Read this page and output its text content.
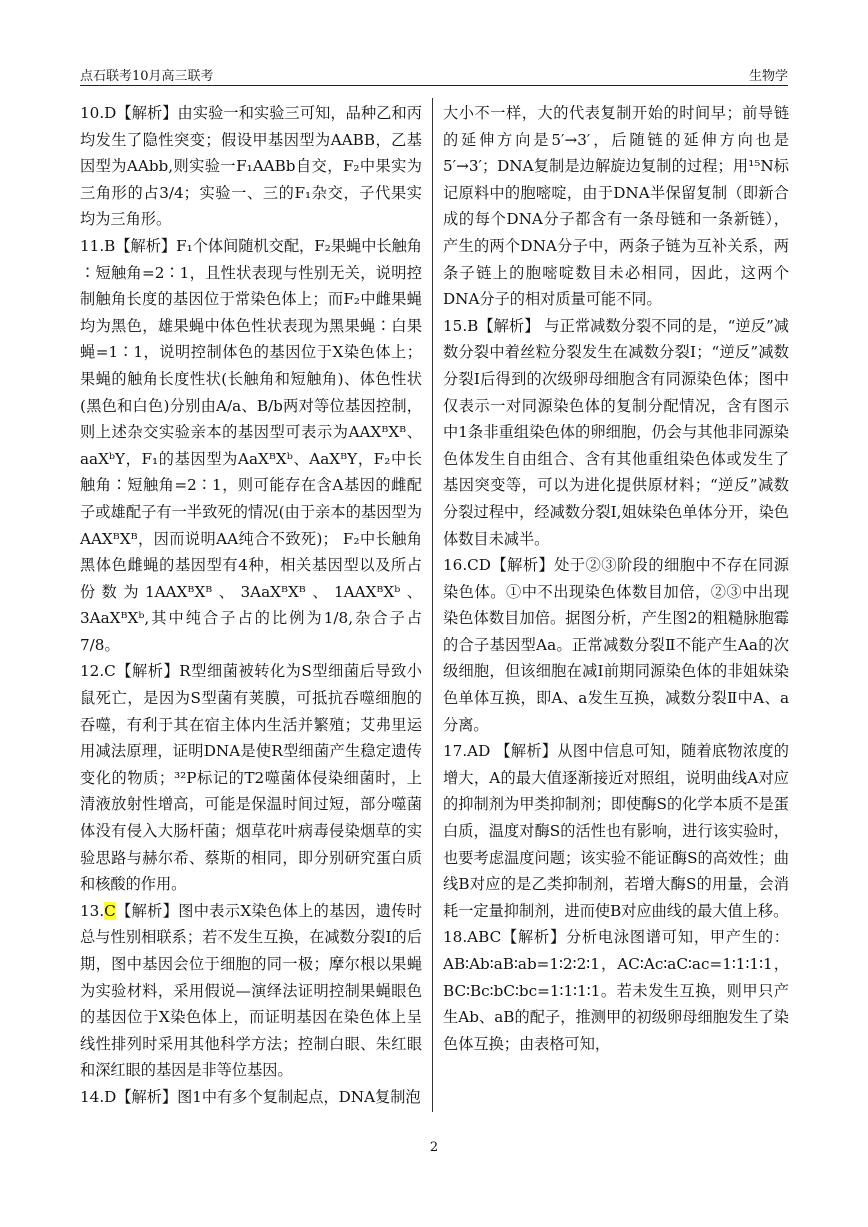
点石联考10月高三联考	生物学

10.D【解析】由实验一和实验三可知，品种乙和丙均发生了隐性突变；假设甲基因型为AABB，乙基因型为AAbb,则实验一F₁AABb自交，F₂中果实为三角形的占3/4；实验一、三的F₁杂交，子代果实均为三角形。

11.B【解析】F₁个体间随机交配，F₂果蝇中长触角∶短触角=2∶1，且性状表现与性别无关，说明控制触角长度的基因位于常染色体上；而F₂中雌果蝇均为黑色，雄果蝇中体色性状表现为黑果蝇∶白果蝇=1∶1，说明控制体色的基因位于X染色体上；果蝇的触角长度性状(长触角和短触角)、体色性状(黑色和白色)分别由A/a、B/b两对等位基因控制，则上述杂交实验亲本的基因型可表示为AAXᴮXᴮ、aaXᵇY，F₁的基因型为AaXᴮXᵇ、AaXᴮY，F₂中长触角∶短触角=2∶1，则可能存在含A基因的雌配子或雄配子有一半致死的情况(由于亲本的基因型为AAXᴮXᴮ，因而说明AA纯合不致死)； F₂中长触角黑体色雌蝇的基因型有4种，相关基因型以及所占份数为1AAXᴮXᴮ、3AaXᴮXᴮ、1AAXᴮXᵇ、3AaXᴮXᵇ,其中纯合子占的比例为1/8,杂合子占7/8。

12.C【解析】R型细菌被转化为S型细菌后导致小鼠死亡，是因为S型菌有荚膜，可抵抗吞噬细胞的吞噬，有利于其在宿主体内生活并繁殖；艾弗里运用减法原理，证明DNA是使R型细菌产生稳定遗传变化的物质；³²P标记的T2噬菌体侵染细菌时，上清液放射性增高，可能是保温时间过短，部分噬菌体没有侵入大肠杆菌；烟草花叶病毒侵染烟草的实验思路与赫尔希、蔡斯的相同，即分别研究蛋白质和核酸的作用。

13.C【解析】图中表示X染色体上的基因，遗传时总与性别相联系；若不发生互换，在减数分裂Ⅰ的后期，图中基因会位于细胞的同一极；摩尔根以果蝇为实验材料，采用假说—演绎法证明控制果蝇眼色的基因位于X染色体上，而证明基因在染色体上呈线性排列时采用其他科学方法；控制白眼、朱红眼和深红眼的基因是非等位基因。

14.D【解析】图1中有多个复制起点，DNA复制泡

大小不一样，大的代表复制开始的时间早；前导链的延伸方向是5′→3′，后随链的延伸方向也是5′→3′；DNA复制是边解旋边复制的过程；用¹⁵N标记原料中的胞嘧啶，由于DNA半保留复制（即新合成的每个DNA分子都含有一条母链和一条新链），产生的两个DNA分子中，两条子链为互补关系，两条子链上的胞嘧啶数目未必相同，因此，这两个DNA分子的相对质量可能不同。

15.B【解析】 与正常减数分裂不同的是，“逆反”减数分裂中着丝粒分裂发生在减数分裂Ⅰ；“逆反”减数分裂Ⅰ后得到的次级卵母细胞含有同源染色体；图中仅表示一对同源染色体的复制分配情况，含有图示中1条非重组染色体的卵细胞，仍会与其他非同源染色体发生自由组合、含有其他重组染色体或发生了基因突变等，可以为进化提供原材料；“逆反”减数分裂过程中，经减数分裂Ⅰ,姐妹染色单体分开，染色体数目未减半。

16.CD【解析】处于②③阶段的细胞中不存在同源染色体。①中不出现染色体数目加倍，②③中出现染色体数目加倍。据图分析，产生图2的粗糙脉胞霉的合子基因型Aa。正常减数分裂Ⅱ不能产生Aa的次级细胞，但该细胞在减Ⅰ前期同源染色体的非姐妹染色单体互换，即A、a发生互换，减数分裂Ⅱ中A、a分离。

17.AD 【解析】从图中信息可知，随着底物浓度的增大，A的最大值逐渐接近对照组，说明曲线A对应的抑制剂为甲类抑制剂；即使酶S的化学本质不是蛋白质，温度对酶S的活性也有影响，进行该实验时，也要考虑温度问题；该实验不能证酶S的高效性；曲线B对应的是乙类抑制剂，若增大酶S的用量，会消耗一定量抑制剂，进而使B对应曲线的最大值上移。

18.ABC【解析】分析电泳图谱可知，甲产生的：AB∶Ab∶aB∶ab=1∶2∶2∶1，AC∶Ac∶aC∶ac=1∶1∶1∶1，BC∶Bc∶bC∶bc=1∶1∶1∶1。若未发生互换，则甲只产生Ab、aB的配子，推测甲的初级卵母细胞发生了染色体互换；由表格可知，

2
